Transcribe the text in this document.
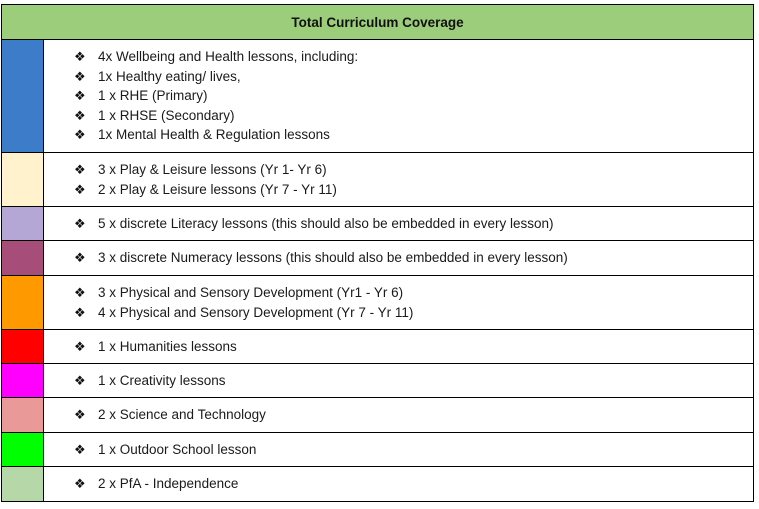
Total Curriculum Coverage
❖ 4x Wellbeing and Health lessons, including:
❖ 1x Healthy eating/ lives,
❖ 1 x RHE (Primary)
❖ 1 x RHSE (Secondary)
❖ 1x Mental Health & Regulation lessons
❖ 3 x Play & Leisure lessons (Yr 1- Yr 6)
❖ 2 x Play & Leisure lessons (Yr 7 - Yr 11)
❖ 5 x discrete Literacy lessons (this should also be embedded in every lesson)
❖ 3 x discrete Numeracy lessons (this should also be embedded in every lesson)
❖ 3 x Physical and Sensory Development (Yr1 - Yr 6)
❖ 4 x Physical and Sensory Development (Yr 7 - Yr 11)
❖ 1 x Humanities lessons
❖ 1 x Creativity lessons
❖ 2 x Science and Technology
❖ 1 x Outdoor School lesson
❖ 2 x PfA - Independence
